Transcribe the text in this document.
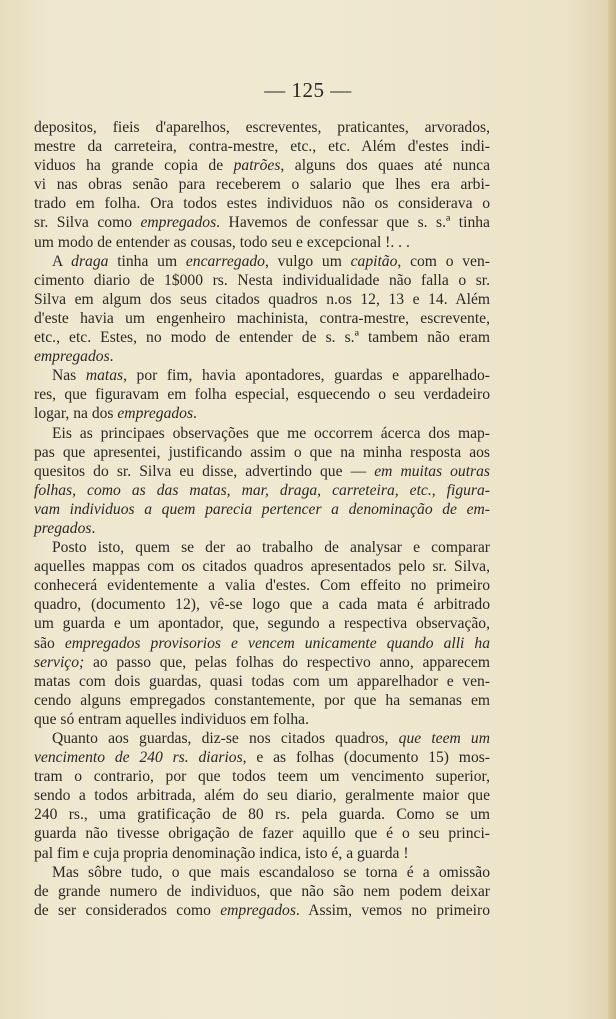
— 125 —
depositos, fieis d'aparelhos, escreventes, praticantes, arvorados,
mestre da carreteira, contra-mestre, etc., etc. Além d'estes indi-
viduos ha grande copia de patrões, alguns dos quaes até nunca
vi nas obras senão para receberem o salario que lhes era arbi-
trado em folha. Ora todos estes individuos não os considerava o
sr. Silva como empregados. Havemos de confessar que s. s.ª tinha
um modo de entender as cousas, todo seu e excepcional !. . .
A draga tinha um encarregado, vulgo um capitão, com o ven-
cimento diario de 1$000 rs. Nesta individualidade não falla o sr.
Silva em algum dos seus citados quadros n.os 12, 13 e 14. Além
d'este havia um engenheiro machinista, contra-mestre, escrevente,
etc., etc. Estes, no modo de entender de s. s.ª tambem não eram
empregados.
Nas matas, por fim, havia apontadores, guardas e apparelhado-
res, que figuravam em folha especial, esquecendo o seu verdadeiro
logar, na dos empregados.
Eis as principaes observações que me occorrem ácerca dos map-
pas que apresentei, justificando assim o que na minha resposta aos
quesitos do sr. Silva eu disse, advertindo que — em muitas outras
folhas, como as das matas, mar, draga, carreteira, etc., figura-
vam individuos a quem parecia pertencer a denominação de em-
pregados.
Posto isto, quem se der ao trabalho de analysar e comparar
aquelles mappas com os citados quadros apresentados pelo sr. Silva,
conhecerá evidentemente a valia d'estes. Com effeito no primeiro
quadro, (documento 12), vê-se logo que a cada mata é arbitrado
um guarda e um apontador, que, segundo a respectiva observação,
são empregados provisorios e vencem unicamente quando alli ha
serviço; ao passo que, pelas folhas do respectivo anno, apparecem
matas com dois guardas, quasi todas com um apparelhador e ven-
cendo alguns empregados constantemente, por que ha semanas em
que só entram aquelles individuos em folha.
Quanto aos guardas, diz-se nos citados quadros, que teem um
vencimento de 240 rs. diarios, e as folhas (documento 15) mos-
tram o contrario, por que todos teem um vencimento superior,
sendo a todos arbitrada, além do seu diario, geralmente maior que
240 rs., uma gratificação de 80 rs. pela guarda. Como se um
guarda não tivesse obrigação de fazer aquillo que é o seu princi-
pal fim e cuja propria denominação indica, isto é, a guarda !
Mas sôbre tudo, o que mais escandaloso se torna é a omissão
de grande numero de individuos, que não são nem podem deixar
de ser considerados como empregados. Assim, vemos no primeiro
